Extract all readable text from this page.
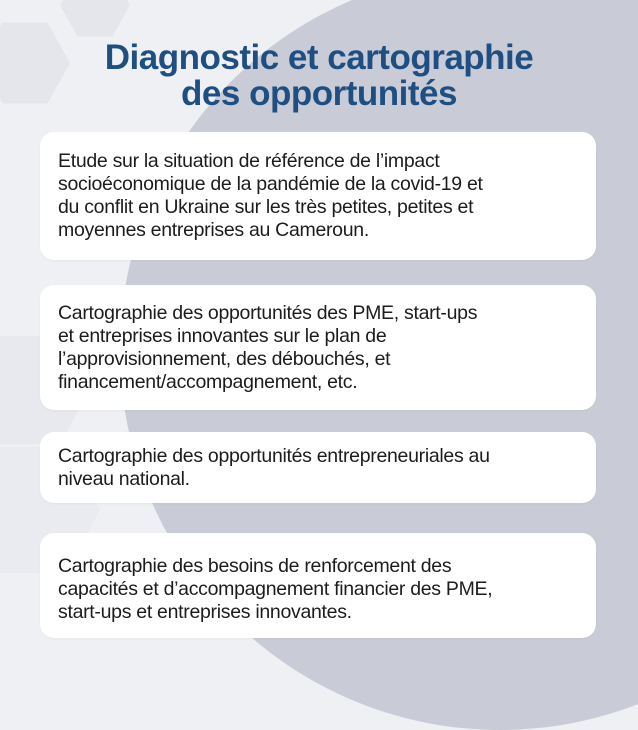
Diagnostic et cartographie
des opportunités
Etude sur la situation de référence de l’impact
socioéconomique de la pandémie de la covid-19 et
du conflit en Ukraine sur les très petites, petites et
moyennes entreprises au Cameroun.
Cartographie des opportunités des PME, start-ups
et entreprises innovantes sur le plan de
l’approvisionnement, des débouchés, et
financement/accompagnement, etc.
Cartographie des opportunités entrepreneuriales au
niveau national.
Cartographie des besoins de renforcement des
capacités et d’accompagnement financier des PME,
start-ups et entreprises innovantes.
